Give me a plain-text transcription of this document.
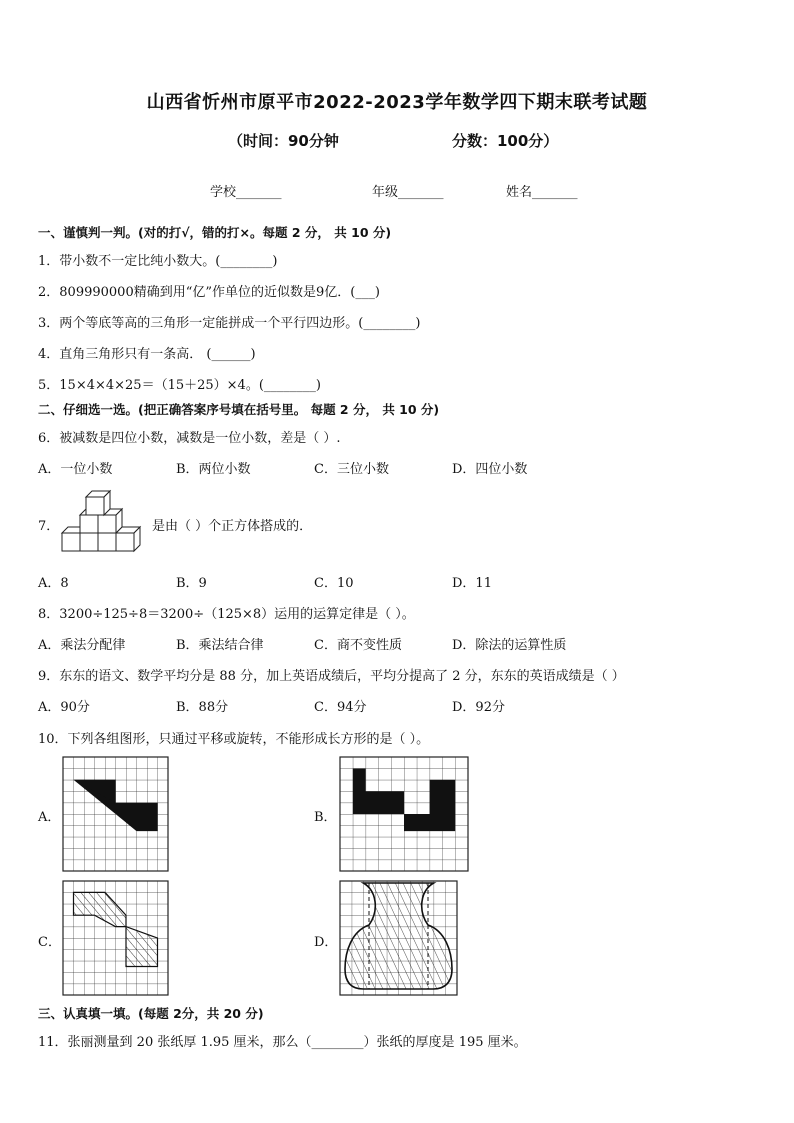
山西省忻州市原平市2022-2023学年数学四下期末联考试题
（时间：90分钟	分数：100分）
学校_______	年级_______	姓名_______
一、谨慎判一判。(对的打√，错的打×。每题 2 分， 共 10 分)
1．带小数不一定比纯小数大。(________)
2．809990000精确到用“亿”作单位的近似数是9亿．(___)
3．两个等底等高的三角形一定能拼成一个平行四边形。(________)
4．直角三角形只有一条高． (______)
5．15×4×4×25＝（15＋25）×4。(________)
二、仔细选一选。(把正确答案序号填在括号里。 每题 2 分， 共 10 分)
6．被减数是四位小数，减数是一位小数，差是（ ）.
A．一位小数	B．两位小数	C．三位小数	D．四位小数
7．	是由（ ）个正方体搭成的．
A．8	B．9	C．10	D．11
8．3200÷125÷8＝3200÷（125×8）运用的运算定律是（ ）。
A．乘法分配律	B．乘法结合律	C．商不变性质	D．除法的运算性质
9．东东的语文、数学平均分是 88 分，加上英语成绩后，平均分提高了 2 分，东东的英语成绩是（ ）
A．90分	B．88分	C．94分	D．92分
10．下列各组图形，只通过平移或旋转，不能形成长方形的是（ ）。
A．	B．
C．	D．
三、认真填一填。(每题 2分，共 20 分)
11．张丽测量到 20 张纸厚 1.95 厘米，那么（________）张纸的厚度是 195 厘米。
